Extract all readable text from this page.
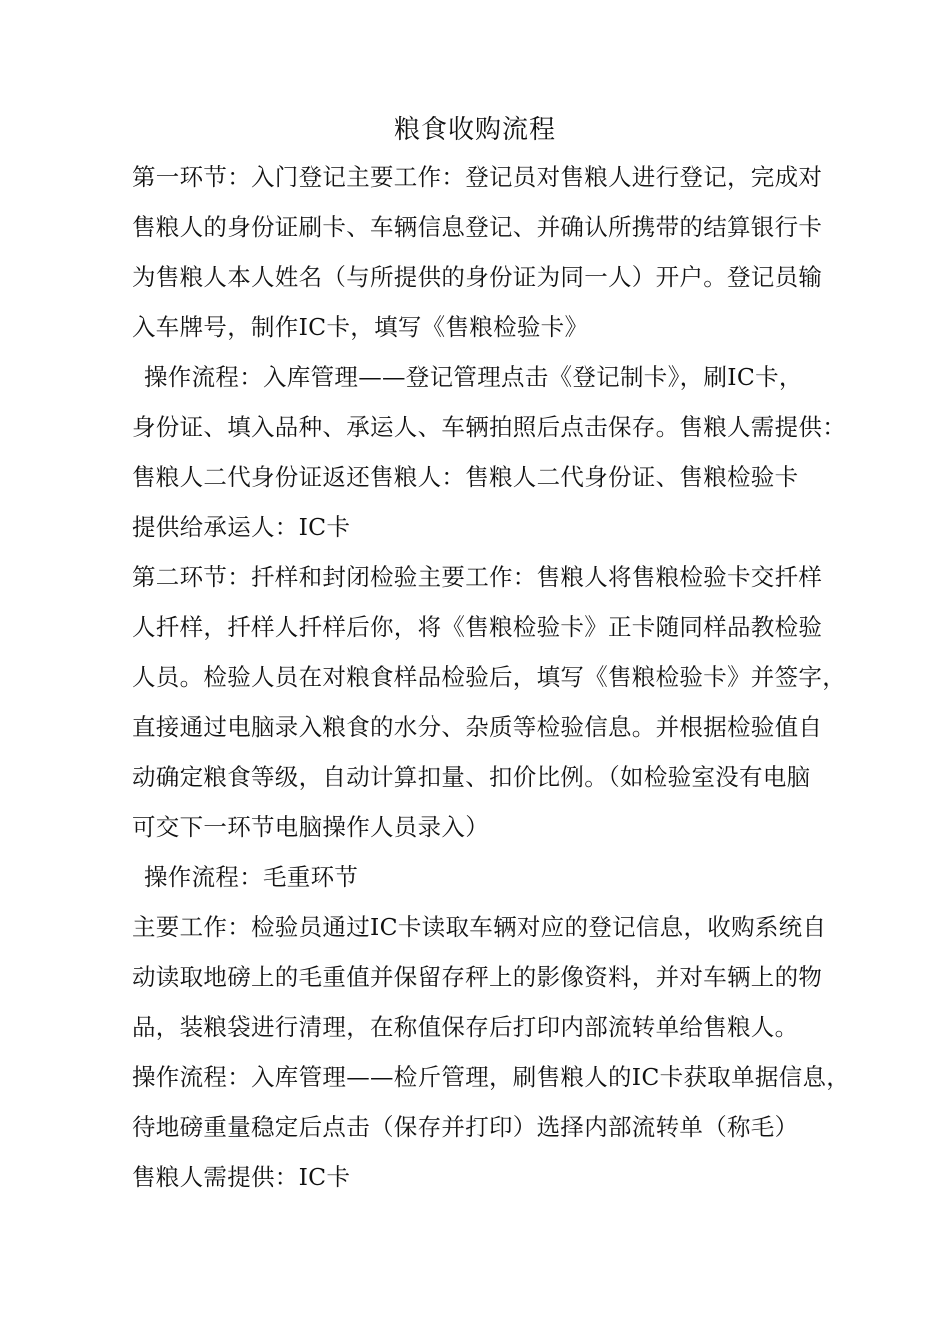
粮食收购流程
第一环节：入门登记主要工作：登记员对售粮人进行登记，完成对
售粮人的身份证刷卡、车辆信息登记、并确认所携带的结算银行卡
为售粮人本人姓名（与所提供的身份证为同一人）开户。登记员输
入车牌号，制作IC卡，填写《售粮检验卡》
操作流程：入库管理——登记管理点击《登记制卡》，刷IC卡，
身份证、填入品种、承运人、车辆拍照后点击保存。售粮人需提供：
售粮人二代身份证返还售粮人：售粮人二代身份证、售粮检验卡
提供给承运人：IC卡
第二环节：扦样和封闭检验主要工作：售粮人将售粮检验卡交扦样
人扦样，扦样人扦样后你，将《售粮检验卡》正卡随同样品教检验
人员。检验人员在对粮食样品检验后，填写《售粮检验卡》并签字，
直接通过电脑录入粮食的水分、杂质等检验信息。并根据检验值自
动确定粮食等级，自动计算扣量、扣价比例。（如检验室没有电脑
可交下一环节电脑操作人员录入）
操作流程：毛重环节
主要工作：检验员通过IC卡读取车辆对应的登记信息，收购系统自
动读取地磅上的毛重值并保留存秤上的影像资料，并对车辆上的物
品，装粮袋进行清理，在称值保存后打印内部流转单给售粮人。
操作流程：入库管理——检斤管理，刷售粮人的IC卡获取单据信息，
待地磅重量稳定后点击（保存并打印）选择内部流转单（称毛）
售粮人需提供：IC卡
